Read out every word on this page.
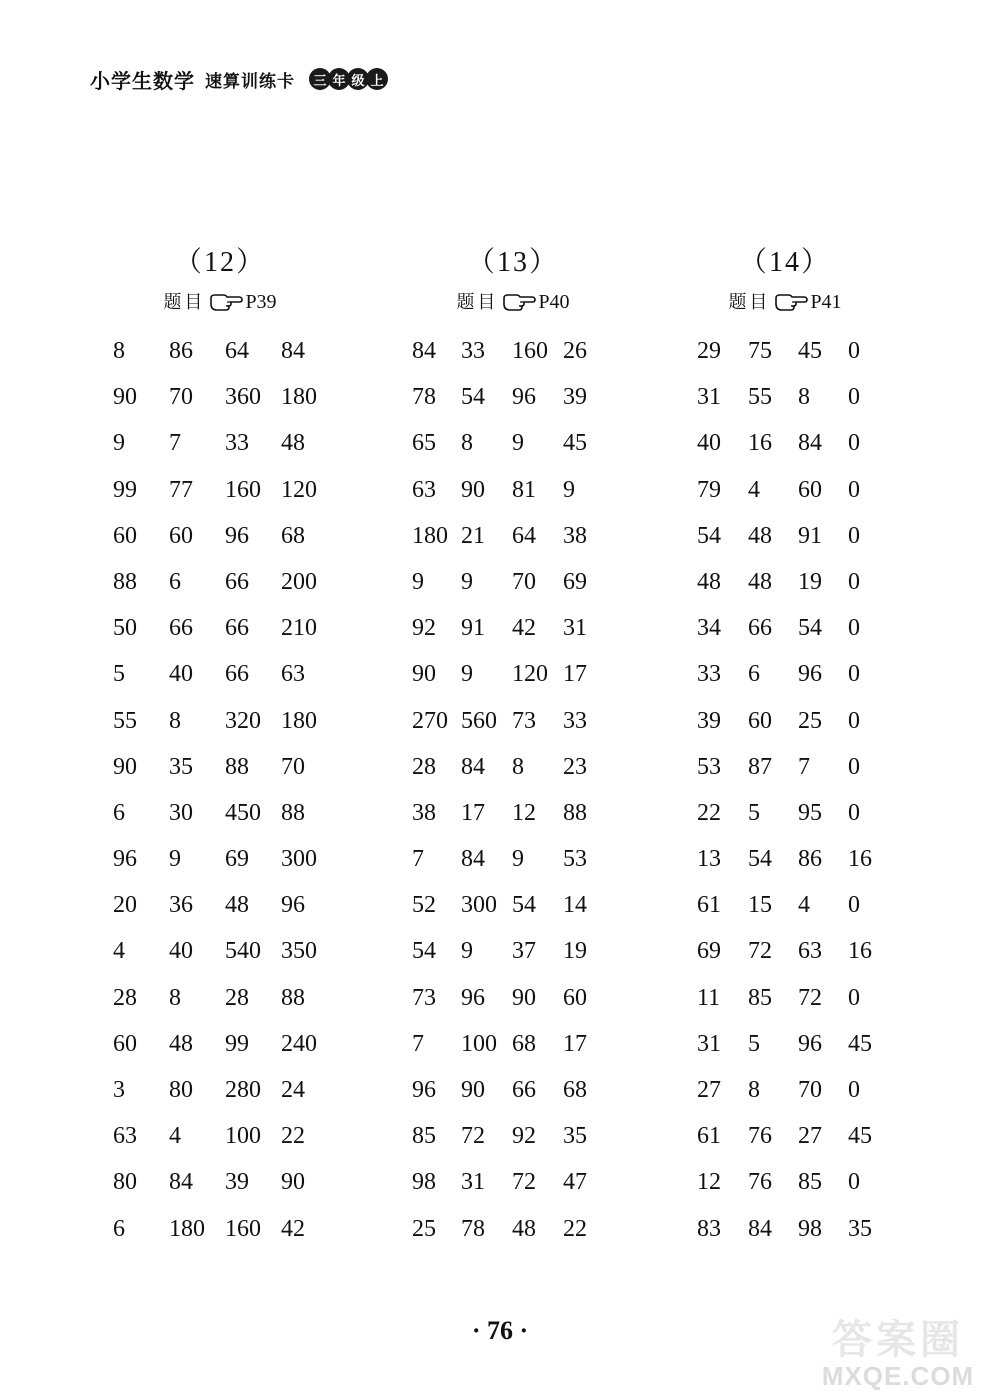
小学生数学 速算训练卡	三 年 级 上
（12）
题目 P39
8 86 64 84
90 70 360 180
9 7 33 48
99 77 160 120
60 60 96 68
88 6 66 200
50 66 66 210
5 40 66 63
55 8 320 180
90 35 88 70
6 30 450 88
96 9 69 300
20 36 48 96
4 40 540 350
28 8 28 88
60 48 99 240
3 80 280 24
63 4 100 22
80 84 39 90
6 180 160 42
（13）
题目 P40
84 33 160 26
78 54 96 39
65 8 9 45
63 90 81 9
180 21 64 38
9 9 70 69
92 91 42 31
90 9 120 17
270 560 73 33
28 84 8 23
38 17 12 88
7 84 9 53
52 300 54 14
54 9 37 19
73 96 90 60
7 100 68 17
96 90 66 68
85 72 92 35
98 31 72 47
25 78 48 22
（14）
题目 P41
29 75 45 0
31 55 8 0
40 16 84 0
79 4 60 0
54 48 91 0
48 48 19 0
34 66 54 0
33 6 96 0
39 60 25 0
53 87 7 0
22 5 95 0
13 54 86 16
61 15 4 0
69 72 63 16
11 85 72 0
31 5 96 45
27 8 70 0
61 76 27 45
12 76 85 0
83 84 98 35
· 76 ·	答案圈
MXQE.COM
